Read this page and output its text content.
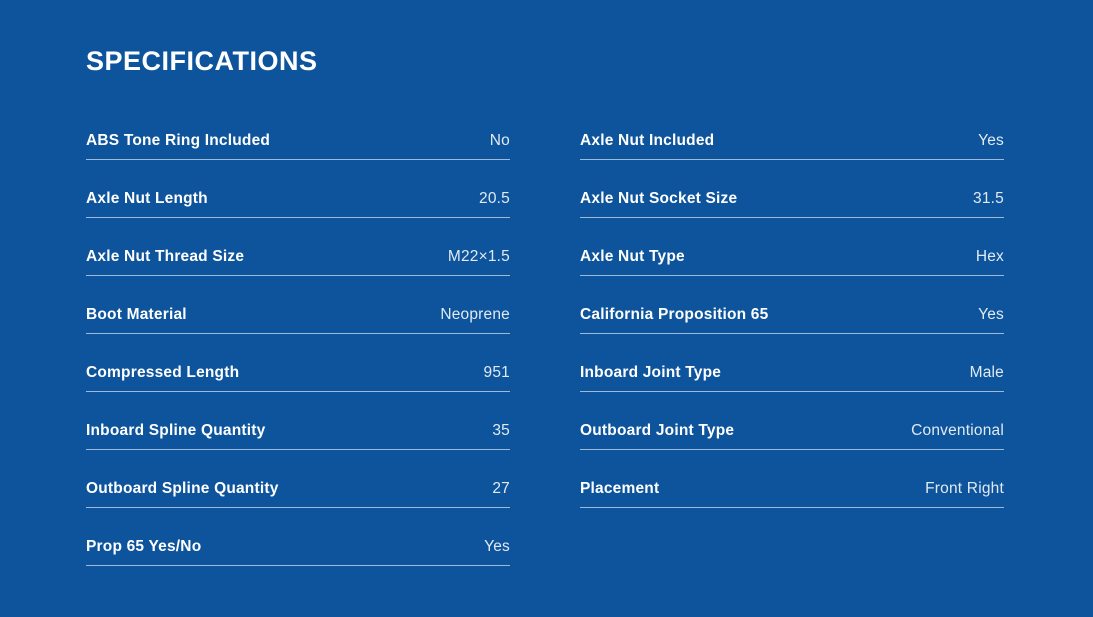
SPECIFICATIONS
ABS Tone Ring Included	No
Axle Nut Length	20.5
Axle Nut Thread Size	M22×1.5
Boot Material	Neoprene
Compressed Length	951
Inboard Spline Quantity	35
Outboard Spline Quantity	27
Prop 65 Yes/No	Yes
Axle Nut Included	Yes
Axle Nut Socket Size	31.5
Axle Nut Type	Hex
California Proposition 65	Yes
Inboard Joint Type	Male
Outboard Joint Type	Conventional
Placement	Front Right
